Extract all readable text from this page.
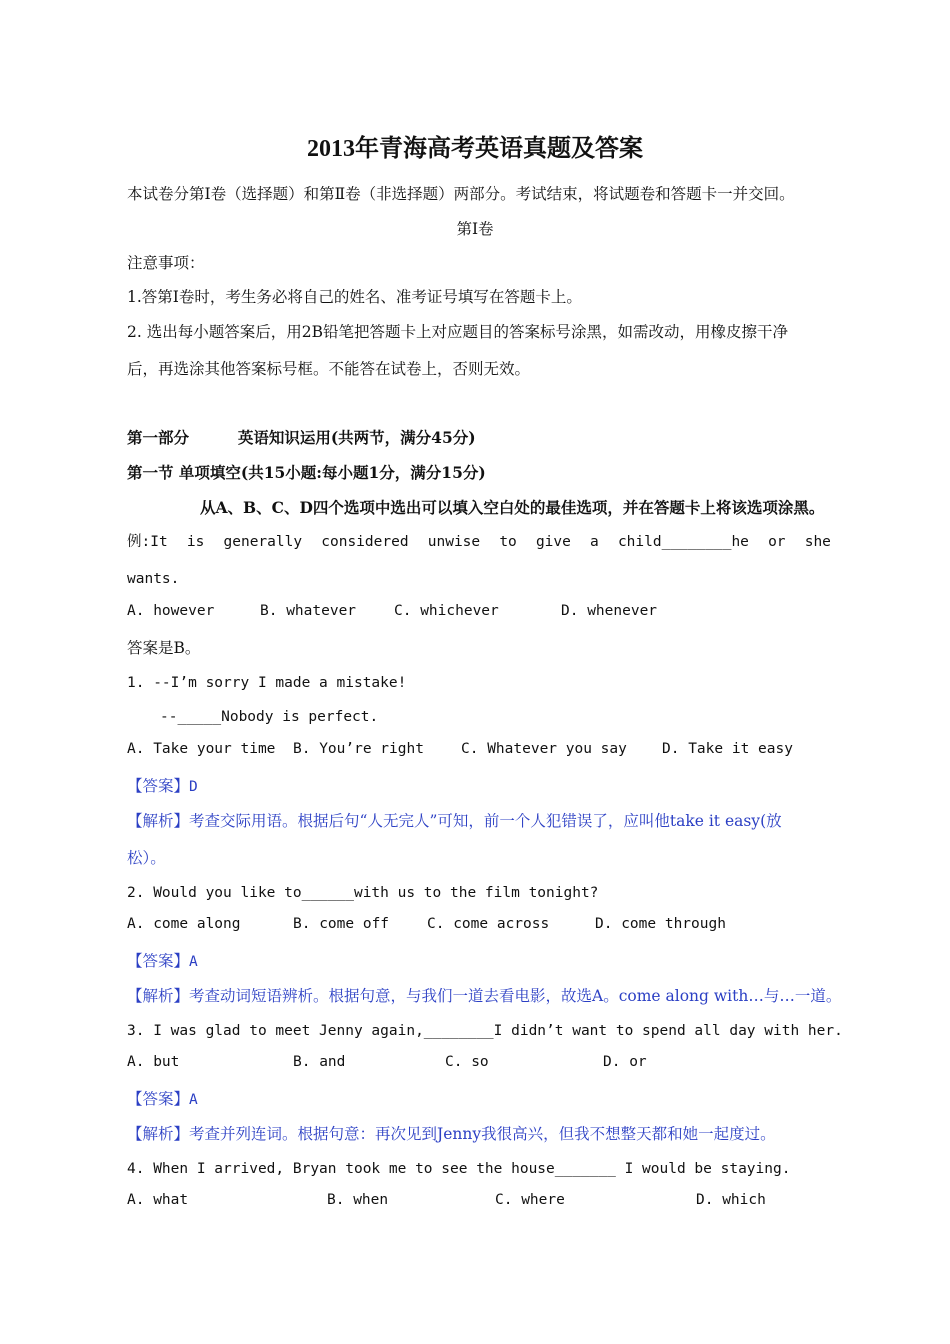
2013年青海高考英语真题及答案
本试卷分第Ⅰ卷（选择题）和第Ⅱ卷（非选择题）两部分。考试结束，将试题卷和答题卡一并交回。
第Ⅰ卷
注意事项：
1.答第Ⅰ卷时，考生务必将自己的姓名、准考证号填写在答题卡上。
2. 选出每小题答案后，用2B铅笔把答题卡上对应题目的答案标号涂黑，如需改动，用橡皮擦干净
后，再选涂其他答案标号框。不能答在试卷上，否则无效。
第一部分	英语知识运用(共两节，满分45分)
第一节 单项填空(共15小题:每小题1分，满分15分)
从A、B、C、D四个选项中选出可以填入空白处的最佳选项，并在答题卡上将该选项涂黑。
例:It is generally considered unwise to give a child________he or she
wants.
A. however	B. whatever	C. whichever	D. whenever
答案是B。
1. --I’m sorry I made a mistake!
--_____Nobody is perfect.
A. Take your time B. You’re right	C. Whatever you say D. Take it easy
【答案】D
【解析】考查交际用语。根据后句“人无完人”可知，前一个人犯错误了，应叫他take it easy(放
松）。
2. Would you like to______with us to the film tonight?
A. come along	B. come off	C. come across	D. come through
【答案】A
【解析】考查动词短语辨析。根据句意，与我们一道去看电影，故选A。come along with…与…一道。
3. I was glad to meet Jenny again,________I didn’t want to spend all day with her.
A. but	B. and	C. so	D. or
【答案】A
【解析】考查并列连词。根据句意：再次见到Jenny我很高兴，但我不想整天都和她一起度过。
4. When I arrived, Bryan took me to see the house_______ I would be staying.
A. what	B. when	C. where	D. which
